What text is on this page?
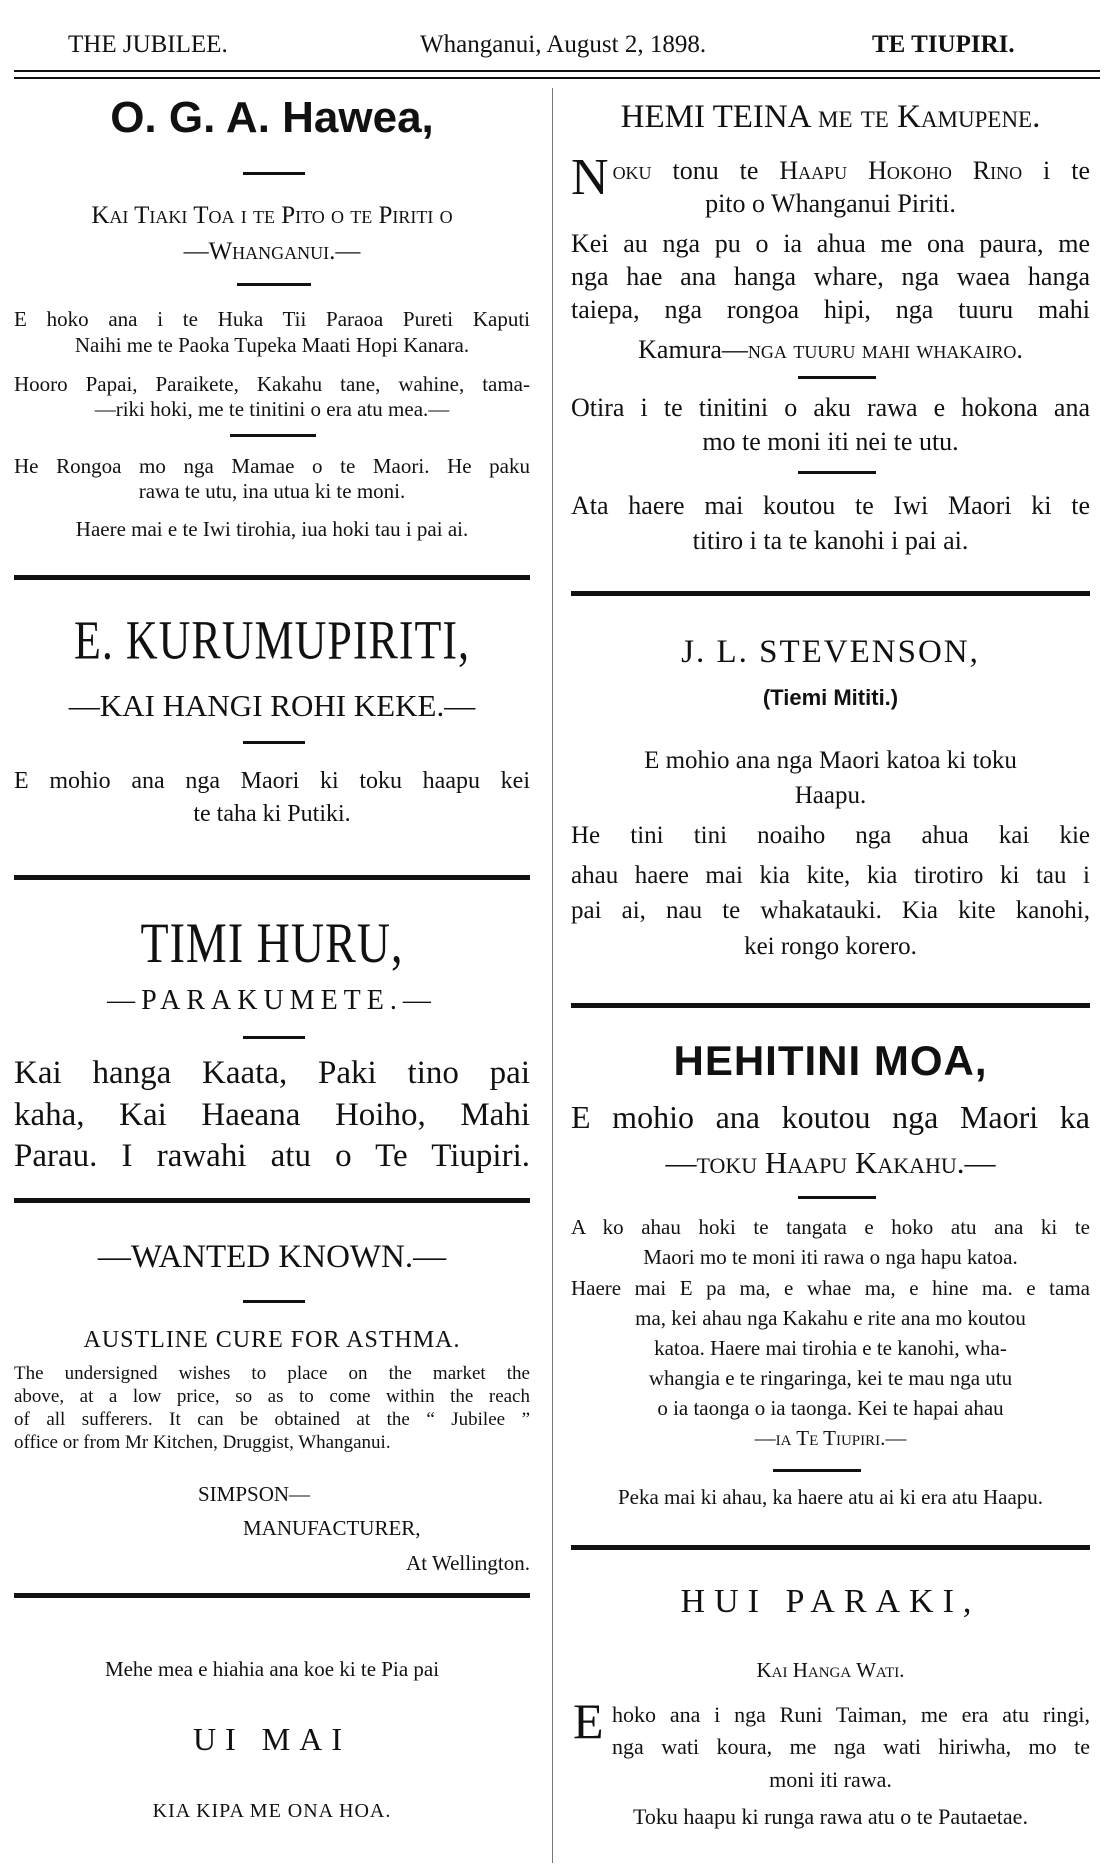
THE JUBILEE.	Whanganui, August 2, 1898.	TE TIUPIRI.
O. G. A. Hawea,
Kai Tiaki Toa i te Pito o te Piriti o
—Whanganui.—
E hoko ana i te Huka Tii Paraoa Pureti Kaputi
Naihi me te Paoka Tupeka Maati Hopi Kanara.
Hooro Papai, Paraikete, Kakahu tane, wahine, tama-
—riki hoki, me te tinitini o era atu mea.—
He Rongoa mo nga Mamae o te Maori. He paku
rawa te utu, ina utua ki te moni.
Haere mai e te Iwi tirohia, iua hoki tau i pai ai.
E. KURUMUPIRITI,
—KAI HANGI ROHI KEKE.—
E mohio ana nga Maori ki toku haapu kei
te taha ki Putiki.
TIMI HURU,
—PARAKUMETE.—
Kai hanga Kaata, Paki tino pai
kaha, Kai Haeana Hoiho, Mahi
Parau. I rawahi atu o Te Tiupiri.
—WANTED KNOWN.—
AUSTLINE CURE FOR ASTHMA.
The undersigned wishes to place on the market the
above, at a low price, so as to come within the reach
of all sufferers. It can be obtained at the “ Jubilee ”
office or from Mr Kitchen, Druggist, Whanganui.
SIMPSON—
MANUFACTURER,
At Wellington.
Mehe mea e hiahia ana koe ki te Pia pai
UI MAI
KIA KIPA ME ONA HOA.
HEMI TEINA me te Kamupene.
Noku tonu te Haapu Hokoho Rino i te
pito o Whanganui Piriti.
Kei au nga pu o ia ahua me ona paura, me
nga hae ana hanga whare, nga waea hanga
taiepa, nga rongoa hipi, nga tuuru mahi
Kamura—nga tuuru mahi whakairo.
Otira i te tinitini o aku rawa e hokona ana
mo te moni iti nei te utu.
Ata haere mai koutou te Iwi Maori ki te
titiro i ta te kanohi i pai ai.
J. L. STEVENSON,
(Tiemi Mititi.)
E mohio ana nga Maori katoa ki toku
Haapu.
He tini tini noaiho nga ahua kai kie
ahau haere mai kia kite, kia tirotiro ki tau i
pai ai, nau te whakatauki. Kia kite kanohi,
kei rongo korero.
HEHITINI MOA,
E mohio ana koutou nga Maori ka
—toku Haapu Kakahu.—
A ko ahau hoki te tangata e hoko atu ana ki te
Maori mo te moni iti rawa o nga hapu katoa.
Haere mai E pa ma, e whae ma, e hine ma. e tama
ma, kei ahau nga Kakahu e rite ana mo koutou
katoa. Haere mai tirohia e te kanohi, wha-
whangia e te ringaringa, kei te mau nga utu
o ia taonga o ia taonga. Kei te hapai ahau
—ia Te Tiupiri.—
Peka mai ki ahau, ka haere atu ai ki era atu Haapu.
HUI PARAKI,
Kai Hanga Wati.
E hoko ana i nga Runi Taiman, me era atu ringi,
nga wati koura, me nga wati hiriwha, mo te
moni iti rawa.
Toku haapu ki runga rawa atu o te Pautaetae.
